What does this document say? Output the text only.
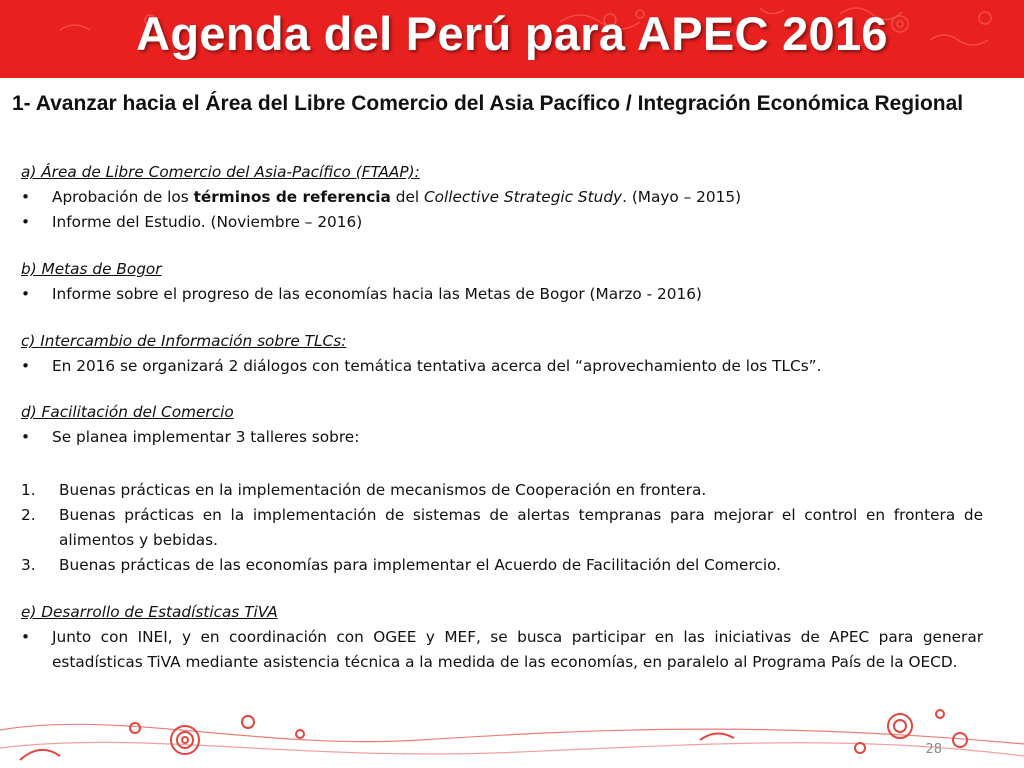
Agenda del Perú para APEC 2016
1- Avanzar hacia el Área del Libre Comercio del Asia Pacífico / Integración Económica Regional
a) Área de Libre Comercio del Asia-Pacífico (FTAAP):
• Aprobación de los términos de referencia del Collective Strategic Study. (Mayo – 2015)
• Informe del Estudio. (Noviembre – 2016)
b) Metas de Bogor
• Informe sobre el progreso de las economías hacia las Metas de Bogor (Marzo - 2016)
c) Intercambio de Información sobre TLCs:
• En 2016 se organizará 2 diálogos con temática tentativa acerca del “aprovechamiento de los TLCs”.
d) Facilitación del Comercio
• Se planea implementar 3 talleres sobre:
1. Buenas prácticas en la implementación de mecanismos de Cooperación en frontera.
2. Buenas prácticas en la implementación de sistemas de alertas tempranas para mejorar el control en frontera de alimentos y bebidas.
3. Buenas prácticas de las economías para implementar el Acuerdo de Facilitación del Comercio.
e) Desarrollo de Estadísticas TiVA
• Junto con INEI, y en coordinación con OGEE y MEF, se busca participar en las iniciativas de APEC para generar estadísticas TiVA mediante asistencia técnica a la medida de las economías, en paralelo al Programa País de la OECD.
28
